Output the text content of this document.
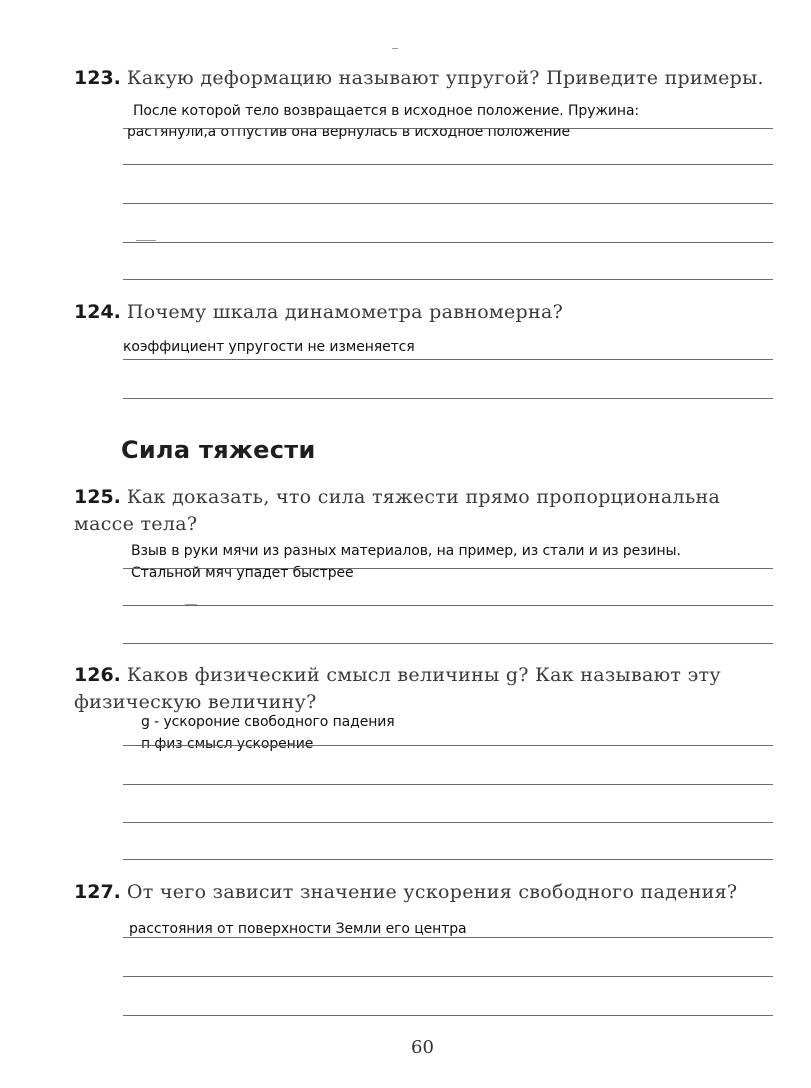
123. Какую деформацию называют упругой? Приведите примеры.
После которой тело возвращается в исходное положение. Пружина:
растянули,а отпустив она вернулась в исходное положение
124. Почему шкала динамометра равномерна?
коэффициент упругости не изменяется
Сила тяжести
125. Как доказать, что сила тяжести прямо пропорциональна массе тела?
Взыв в руки мячи из разных материалов, на пример, из стали и из резины.
Стальной мяч упадет быстрее
126. Каков физический смысл величины g? Как называют эту физическую величину?
g - ускороние свободного падения
п физ смысл ускорение
127. От чего зависит значение ускорения свободного падения?
расстояния от поверхности Земли его центра
60
